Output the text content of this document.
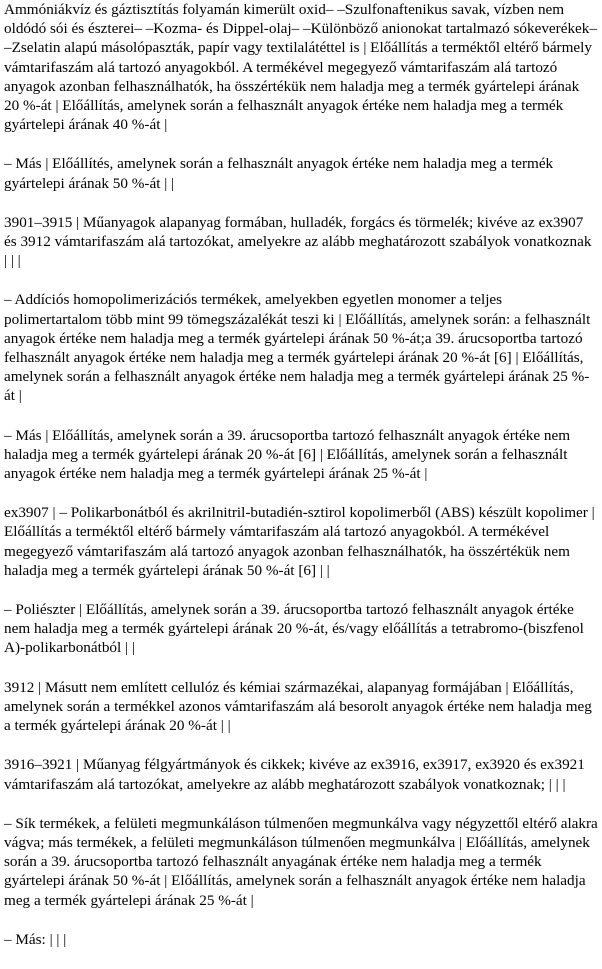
Ammóniákvíz és gáztisztítás folyamán kimerült oxid– –Szulfonaftenikus savak, vízben nem oldódó sói és észterei– –Kozma- és Dippel-olaj– –Különböző anionokat tartalmazó sókeverékek– –Zselatin alapú másolópaszták, papír vagy textilalátéttel is | Előállítás a terméktől eltérő bármely vámtarifaszám alá tartozó anyagokból. A termékével megegyező vámtarifaszám alá tartozó anyagok azonban felhasználhatók, ha összértékük nem haladja meg a termék gyártelepi árának 20 %-át | Előállítás, amelynek során a felhasznált anyagok értéke nem haladja meg a termék gyártelepi árának 40 %-át |

– Más | Előállítés, amelynek során a felhasznált anyagok értéke nem haladja meg a termék gyártelepi árának 50 %-át | |

3901–3915 | Műanyagok alapanyag formában, hulladék, forgács és törmelék; kivéve az ex3907 és 3912 vámtarifaszám alá tartozókat, amelyekre az alább meghatározott szabályok vonatkoznak | | |

– Addíciós homopolimerizációs termékek, amelyekben egyetlen monomer a teljes polimertartalom több mint 99 tömegszázalékát teszi ki | Előállítás, amelynek során: a felhasznált anyagok értéke nem haladja meg a termék gyártelepi árának 50 %-át;a 39. árucsoportba tartozó felhasznált anyagok értéke nem haladja meg a termék gyártelepi árának 20 %-át [6] | Előállítás, amelynek során a felhasznált anyagok értéke nem haladja meg a termék gyártelepi árának 25 %-át |

– Más | Előállítás, amelynek során a 39. árucsoportba tartozó felhasznált anyagok értéke nem haladja meg a termék gyártelepi árának 20 %-át [6] | Előállítás, amelynek során a felhasznált anyagok értéke nem haladja meg a termék gyártelepi árának 25 %-át |

ex3907 | – Polikarbonátból és akrilnitril-butadién-sztirol kopolimerből (ABS) készült kopolimer | Előállítás a terméktől eltérő bármely vámtarifaszám alá tartozó anyagokból. A termékével megegyező vámtarifaszám alá tartozó anyagok azonban felhasználhatók, ha összértékük nem haladja meg a termék gyártelepi árának 50 %-át [6] | |

– Poliészter | Előállítás, amelynek során a 39. árucsoportba tartozó felhasznált anyagok értéke nem haladja meg a termék gyártelepi árának 20 %-át, és/vagy előállítás a tetrabromo-(biszfenol A)-polikarbonátból | |

3912 | Másutt nem említett cellulóz és kémiai származékai, alapanyag formájában | Előállítás, amelynek során a termékkel azonos vámtarifaszám alá besorolt anyagok értéke nem haladja meg a termék gyártelepi árának 20 %-át | |

3916–3921 | Műanyag félgyártmányok és cikkek; kivéve az ex3916, ex3917, ex3920 és ex3921 vámtarifaszám alá tartozókat, amelyekre az alább meghatározott szabályok vonatkoznak; | | |

– Sík termékek, a felületi megmunkáláson túlmenően megmunkálva vagy négyzettől eltérő alakra vágva; más termékek, a felületi megmunkáláson túlmenően megmunkálva | Előállítás, amelynek során a 39. árucsoportba tartozó felhasznált anyagának értéke nem haladja meg a termék gyártelepi árának 50 %-át | Előállítás, amelynek során a felhasznált anyagok értéke nem haladja meg a termék gyártelepi árának 25 %-át |

– Más: | | |
